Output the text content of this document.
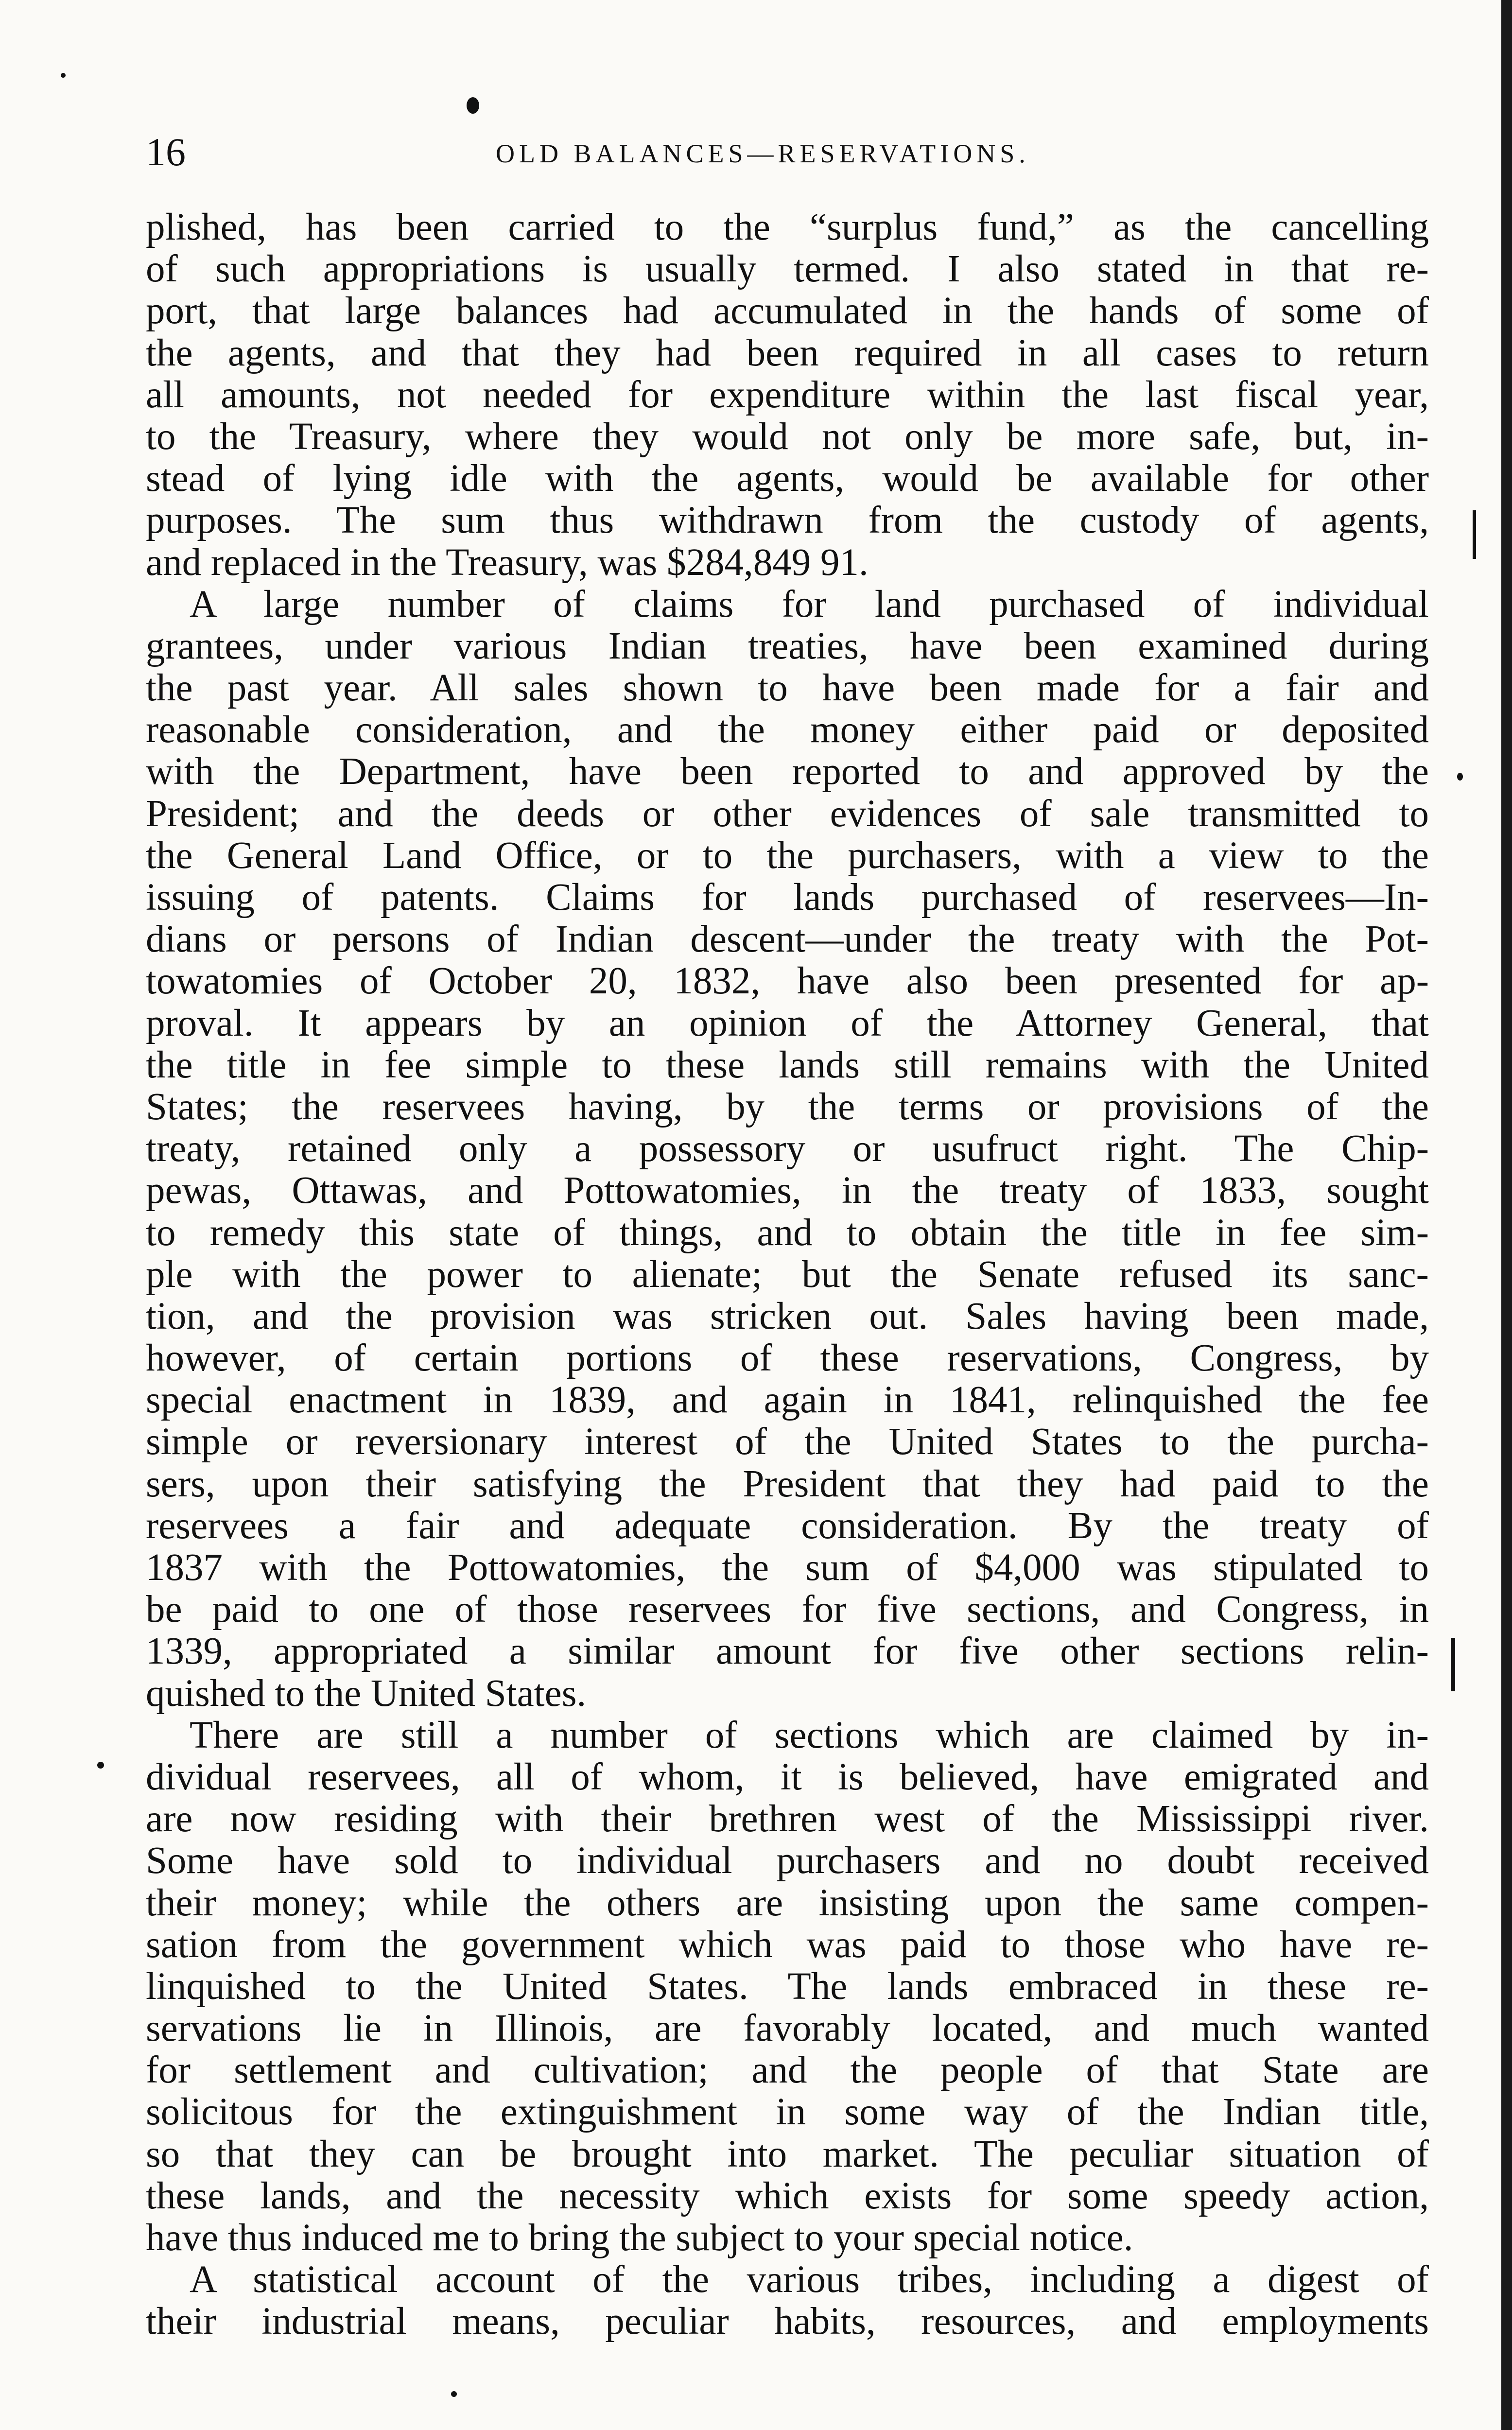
16	OLD BALANCES—RESERVATIONS.
plished, has been carried to the “surplus fund,” as the cancelling
of such appropriations is usually termed. I also stated in that re-
port, that large balances had accumulated in the hands of some of
the agents, and that they had been required in all cases to return
all amounts, not needed for expenditure within the last fiscal year,
to the Treasury, where they would not only be more safe, but, in-
stead of lying idle with the agents, would be available for other
purposes. The sum thus withdrawn from the custody of agents,
and replaced in the Treasury, was $284,849 91.
A large number of claims for land purchased of individual
grantees, under various Indian treaties, have been examined during
the past year. All sales shown to have been made for a fair and
reasonable consideration, and the money either paid or deposited
with the Department, have been reported to and approved by the
President; and the deeds or other evidences of sale transmitted to
the General Land Office, or to the purchasers, with a view to the
issuing of patents. Claims for lands purchased of reservees—In-
dians or persons of Indian descent—under the treaty with the Pot-
towatomies of October 20, 1832, have also been presented for ap-
proval. It appears by an opinion of the Attorney General, that
the title in fee simple to these lands still remains with the United
States; the reservees having, by the terms or provisions of the
treaty, retained only a possessory or usufruct right. The Chip-
pewas, Ottawas, and Pottowatomies, in the treaty of 1833, sought
to remedy this state of things, and to obtain the title in fee sim-
ple with the power to alienate; but the Senate refused its sanc-
tion, and the provision was stricken out. Sales having been made,
however, of certain portions of these reservations, Congress, by
special enactment in 1839, and again in 1841, relinquished the fee
simple or reversionary interest of the United States to the purcha-
sers, upon their satisfying the President that they had paid to the
reservees a fair and adequate consideration. By the treaty of
1837 with the Pottowatomies, the sum of $4,000 was stipulated to
be paid to one of those reservees for five sections, and Congress, in
1339, appropriated a similar amount for five other sections relin-
quished to the United States.
There are still a number of sections which are claimed by in-
dividual reservees, all of whom, it is believed, have emigrated and
are now residing with their brethren west of the Mississippi river.
Some have sold to individual purchasers and no doubt received
their money; while the others are insisting upon the same compen-
sation from the government which was paid to those who have re-
linquished to the United States. The lands embraced in these re-
servations lie in Illinois, are favorably located, and much wanted
for settlement and cultivation; and the people of that State are
solicitous for the extinguishment in some way of the Indian title,
so that they can be brought into market. The peculiar situation of
these lands, and the necessity which exists for some speedy action,
have thus induced me to bring the subject to your special notice.
A statistical account of the various tribes, including a digest of
their industrial means, peculiar habits, resources, and employments
